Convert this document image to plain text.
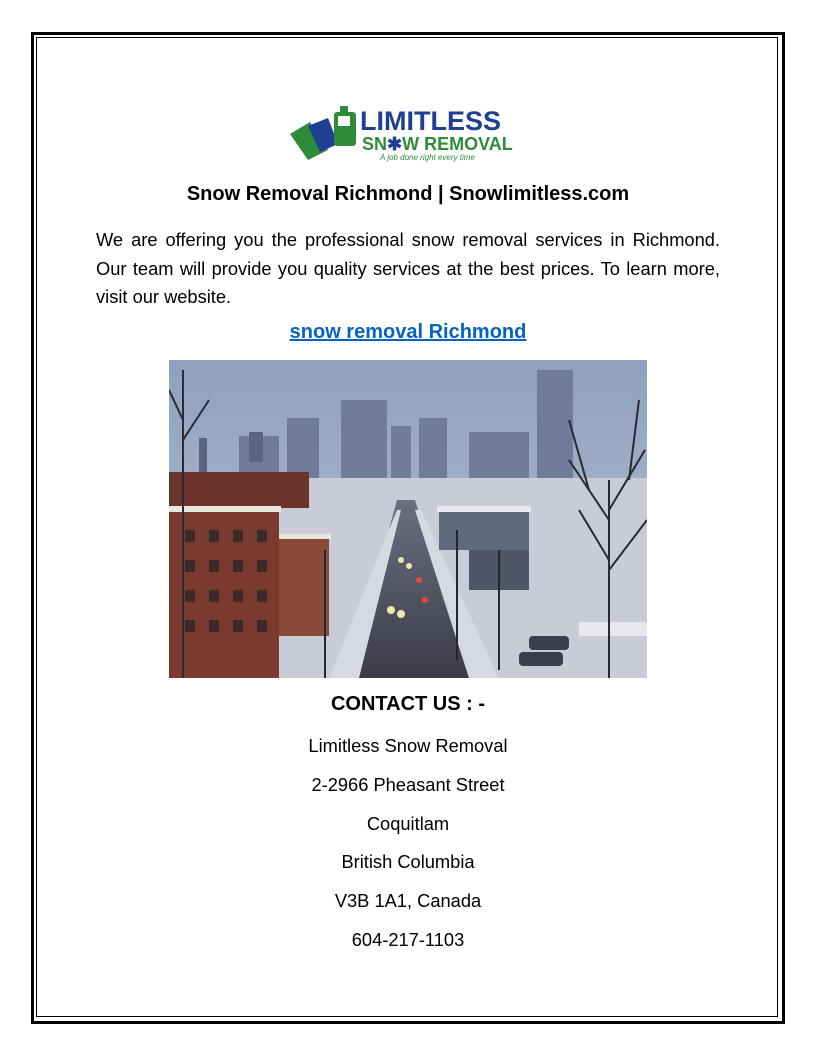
LIMITLESS
SN✱W REMOVAL
A job done right every time
Snow Removal Richmond | Snowlimitless.com
We are offering you the professional snow removal services in Richmond. Our team will provide you quality services at the best prices. To learn more, visit our website.
snow removal Richmond
CONTACT US : -
Limitless Snow Removal
2-2966 Pheasant Street
Coquitlam
British Columbia
V3B 1A1, Canada
604-217-1103
